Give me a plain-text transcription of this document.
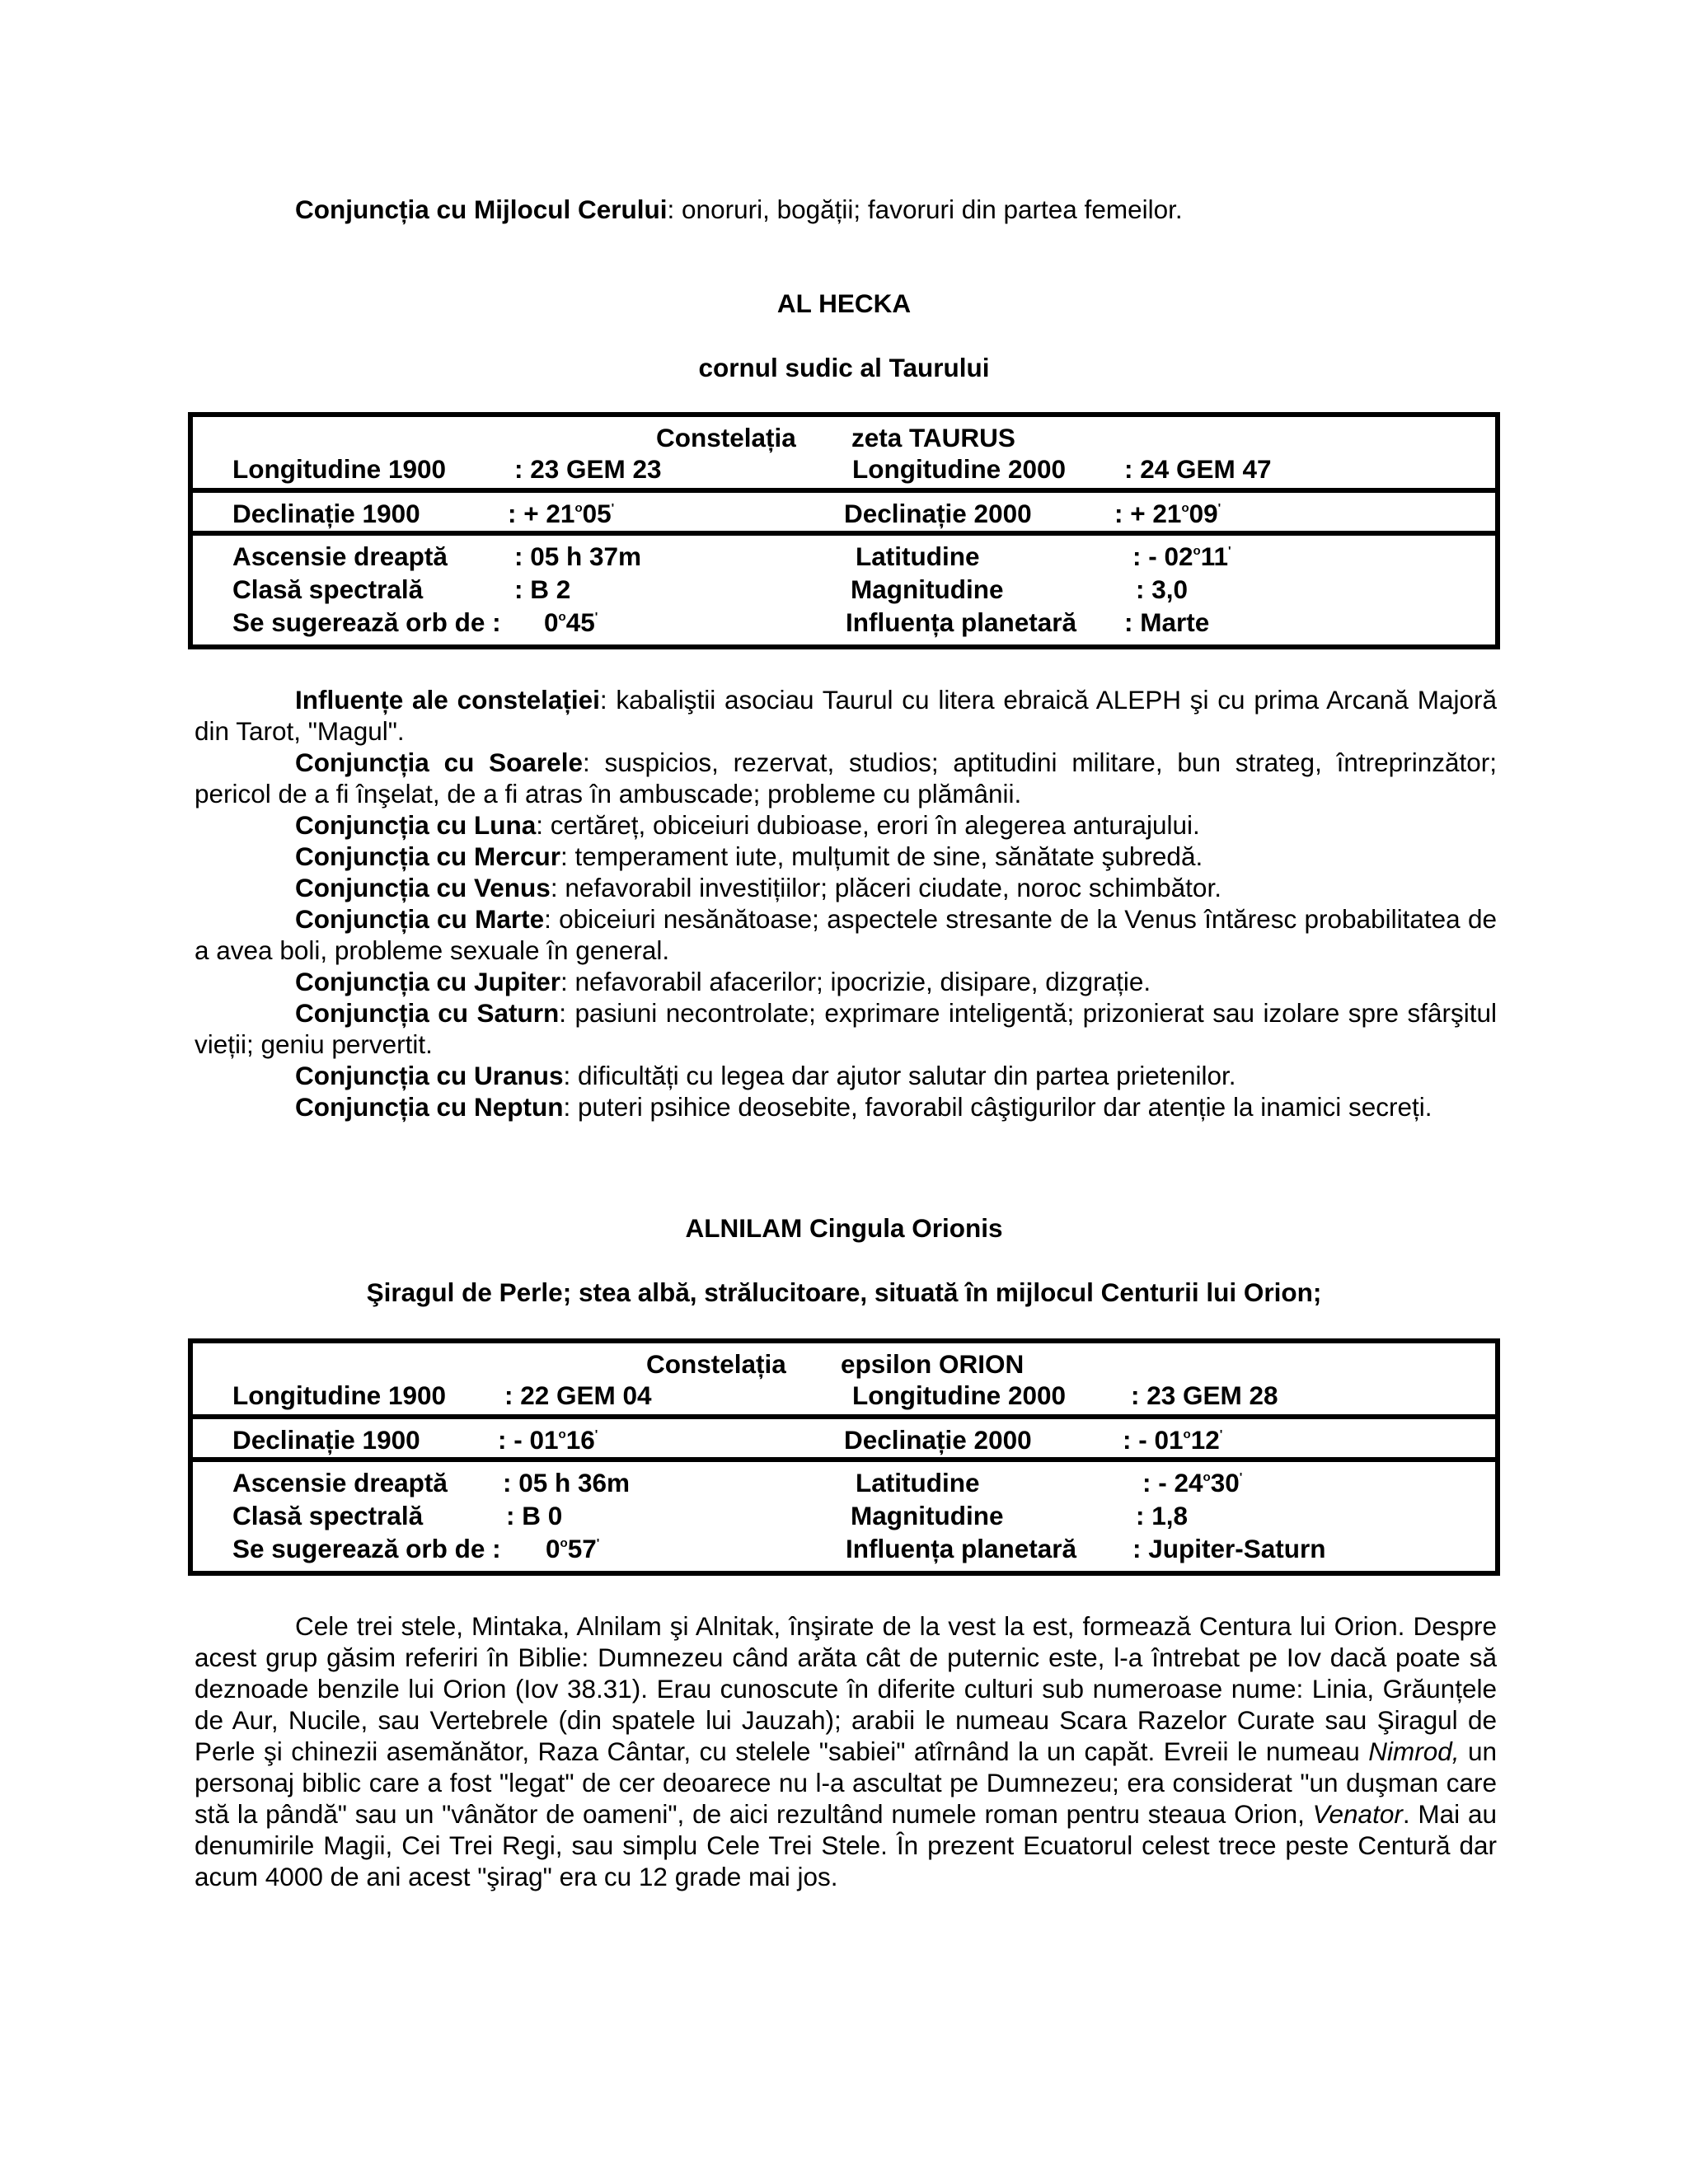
Conjuncția cu Mijlocul Cerului: onoruri, bogății; favoruri din partea femeilor.
AL HECKA
cornul sudic al Taurului
Constelația zeta TAURUS
Longitudine 1900	: 23 GEM 23	Longitudine 2000 : 24 GEM 47
Declinație 1900	: + $21^o05'$	Declinație 2000	: + $21^o09'$
Ascensie dreaptă	: 05 h 37m	Latitudine	: - 02$^o$11'
Clasă spectrală	: B 2	Magnitudine	: 3,0
Se sugerează orb de : 0$^o$45'	Influența planetară : Marte

Influențe ale constelației: kabaliştii asociau Taurul cu litera ebraică ALEPH şi cu prima Arcană Majoră din Tarot, "Magul".

Conjuncția cu Soarele: suspicios, rezervat, studios; aptitudini militare, bun strateg, întreprinzător; pericol de a fi înşelat, de a fi atras în ambuscade; probleme cu plămânii.

Conjuncția cu Luna: certăreț, obiceiuri dubioase, erori în alegerea anturajului.

Conjuncția cu Mercur: temperament iute, mulțumit de sine, sănătate şubredă.

Conjuncția cu Venus: nefavorabil investițiilor; plăceri ciudate, noroc schimbător.

Conjuncția cu Marte: obiceiuri nesănătoase; aspectele stresante de la Venus întăresc probabilitatea de a avea boli, probleme sexuale în general.

Conjuncția cu Jupiter: nefavorabil afacerilor; ipocrizie, disipare, dizgrație.

Conjuncția cu Saturn: pasiuni necontrolate; exprimare inteligentă; prizonierat sau izolare spre sfârşitul vieții; geniu pervertit.

Conjuncția cu Uranus: dificultăți cu legea dar ajutor salutar din partea prietenilor.

Conjuncția cu Neptun: puteri psihice deosebite, favorabil câştigurilor dar atenție la inamici secreți.

ALNILAM Cingula Orionis
Şiragul de Perle; stea albă, strălucitoare, situată în mijlocul Centurii lui Orion;
Constelația epsilon ORION
Longitudine 1900 : 22 GEM 04	Longitudine 2000	: 23 GEM 28
Declinație 1900	: - 01$^o$16'	Declinație 2000	: - 01$^o$12'
Ascensie dreaptă : 05 h 36m	Latitudine	: - 24$^o$30'
Clasă spectrală	: B 0	Magnitudine	: 1,8
Se sugerează orb de : 0$^o$57'	Influența planetară : Jupiter-Saturn

Cele trei stele, Mintaka, Alnilam şi Alnitak, înşirate de la vest la est, formează Centura lui Orion. Despre acest grup găsim referiri în Biblie: Dumnezeu când arăta cât de puternic este, l-a întrebat pe Iov dacă poate să deznoade benzile lui Orion (Iov 38.31). Erau cunoscute în diferite culturi sub numeroase nume: Linia, Grăunțele de Aur, Nucile, sau Vertebrele (din spatele lui Jauzah); arabii le numeau Scara Razelor Curate sau Şiragul de Perle şi chinezii asemănător, Raza Cântar, cu stelele "sabiei" atîrnând la un capăt. Evreii le numeau Nimrod, un personaj biblic care a fost "legat" de cer deoarece nu l-a ascultat pe Dumnezeu; era considerat "un duşman care stă la pândă" sau un "vânător de oameni", de aici rezultând numele roman pentru steaua Orion, Venator. Mai au denumirile Magii, Cei Trei Regi, sau simplu Cele Trei Stele. În prezent Ecuatorul celest trece peste Centură dar acum 4000 de ani acest "şirag" era cu 12 grade mai jos.
